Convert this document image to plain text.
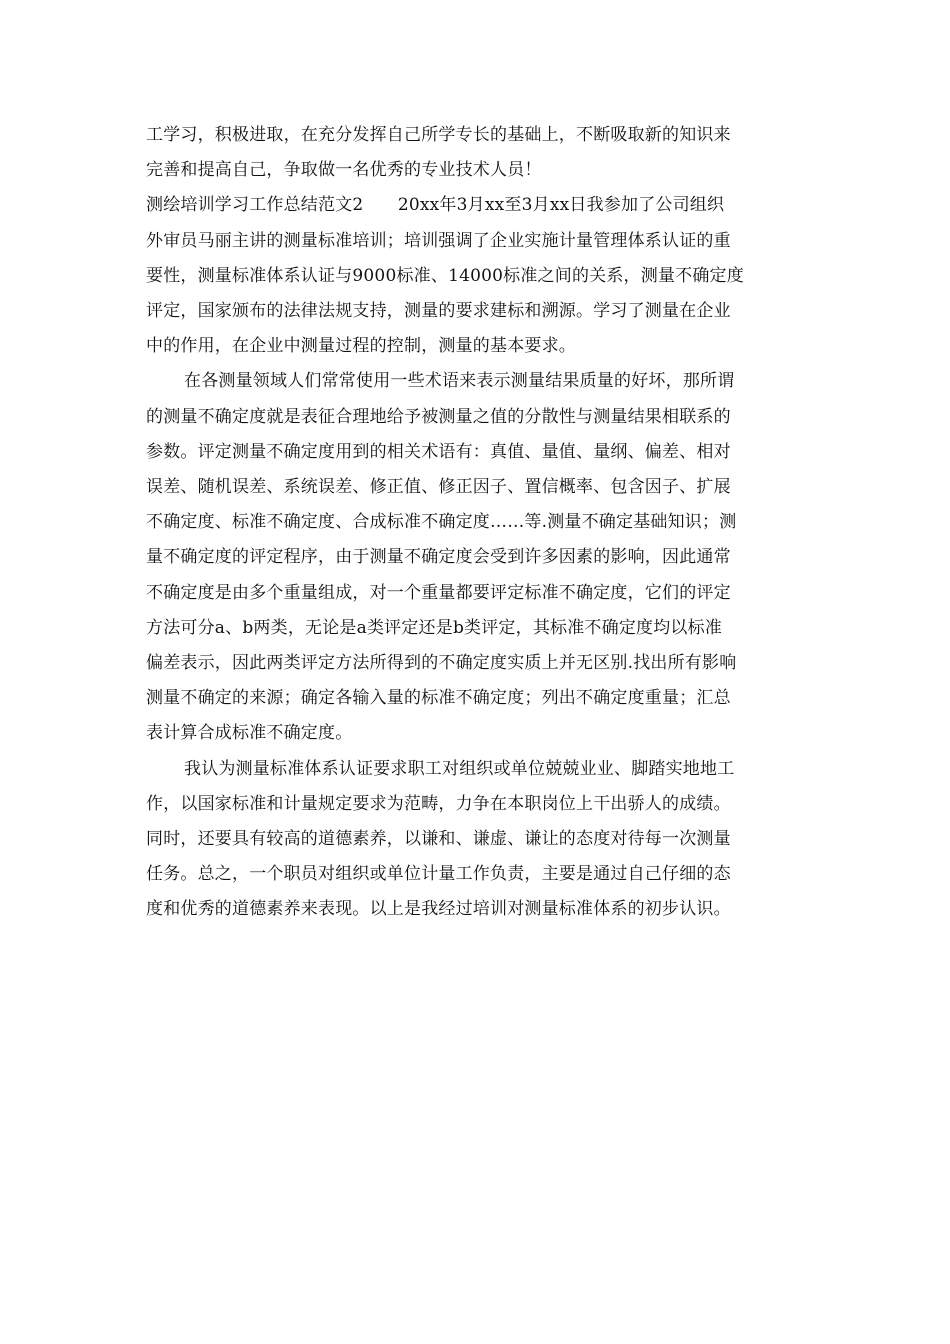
工学习，积极进取，在充分发挥自己所学专长的基础上，不断吸取新的知识来
完善和提高自己，争取做一名优秀的专业技术人员！
测绘培训学习工作总结范文2　　20xx年3月xx至3月xx日我参加了公司组织
外审员马丽主讲的测量标准培训；培训强调了企业实施计量管理体系认证的重
要性，测量标准体系认证与9000标准、14000标准之间的关系，测量不确定度
评定，国家颁布的法律法规支持，测量的要求建标和溯源。学习了测量在企业
中的作用，在企业中测量过程的控制，测量的基本要求。
在各测量领域人们常常使用一些术语来表示测量结果质量的好坏，那所谓
的测量不确定度就是表征合理地给予被测量之值的分散性与测量结果相联系的
参数。评定测量不确定度用到的相关术语有：真值、量值、量纲、偏差、相对
误差、随机误差、系统误差、修正值、修正因子、置信概率、包含因子、扩展
不确定度、标准不确定度、合成标准不确定度……等.测量不确定基础知识；测
量不确定度的评定程序，由于测量不确定度会受到许多因素的影响，因此通常
不确定度是由多个重量组成，对一个重量都要评定标准不确定度，它们的评定
方法可分a、b两类，无论是a类评定还是b类评定，其标准不确定度均以标准
偏差表示，因此两类评定方法所得到的不确定度实质上并无区别.找出所有影响
测量不确定的来源；确定各输入量的标准不确定度；列出不确定度重量；汇总
表计算合成标准不确定度。
我认为测量标准体系认证要求职工对组织或单位兢兢业业、脚踏实地地工
作，以国家标准和计量规定要求为范畴，力争在本职岗位上干出骄人的成绩。
同时，还要具有较高的道德素养，以谦和、谦虚、谦让的态度对待每一次测量
任务。总之，一个职员对组织或单位计量工作负责，主要是通过自己仔细的态
度和优秀的道德素养来表现。以上是我经过培训对测量标准体系的初步认识。
